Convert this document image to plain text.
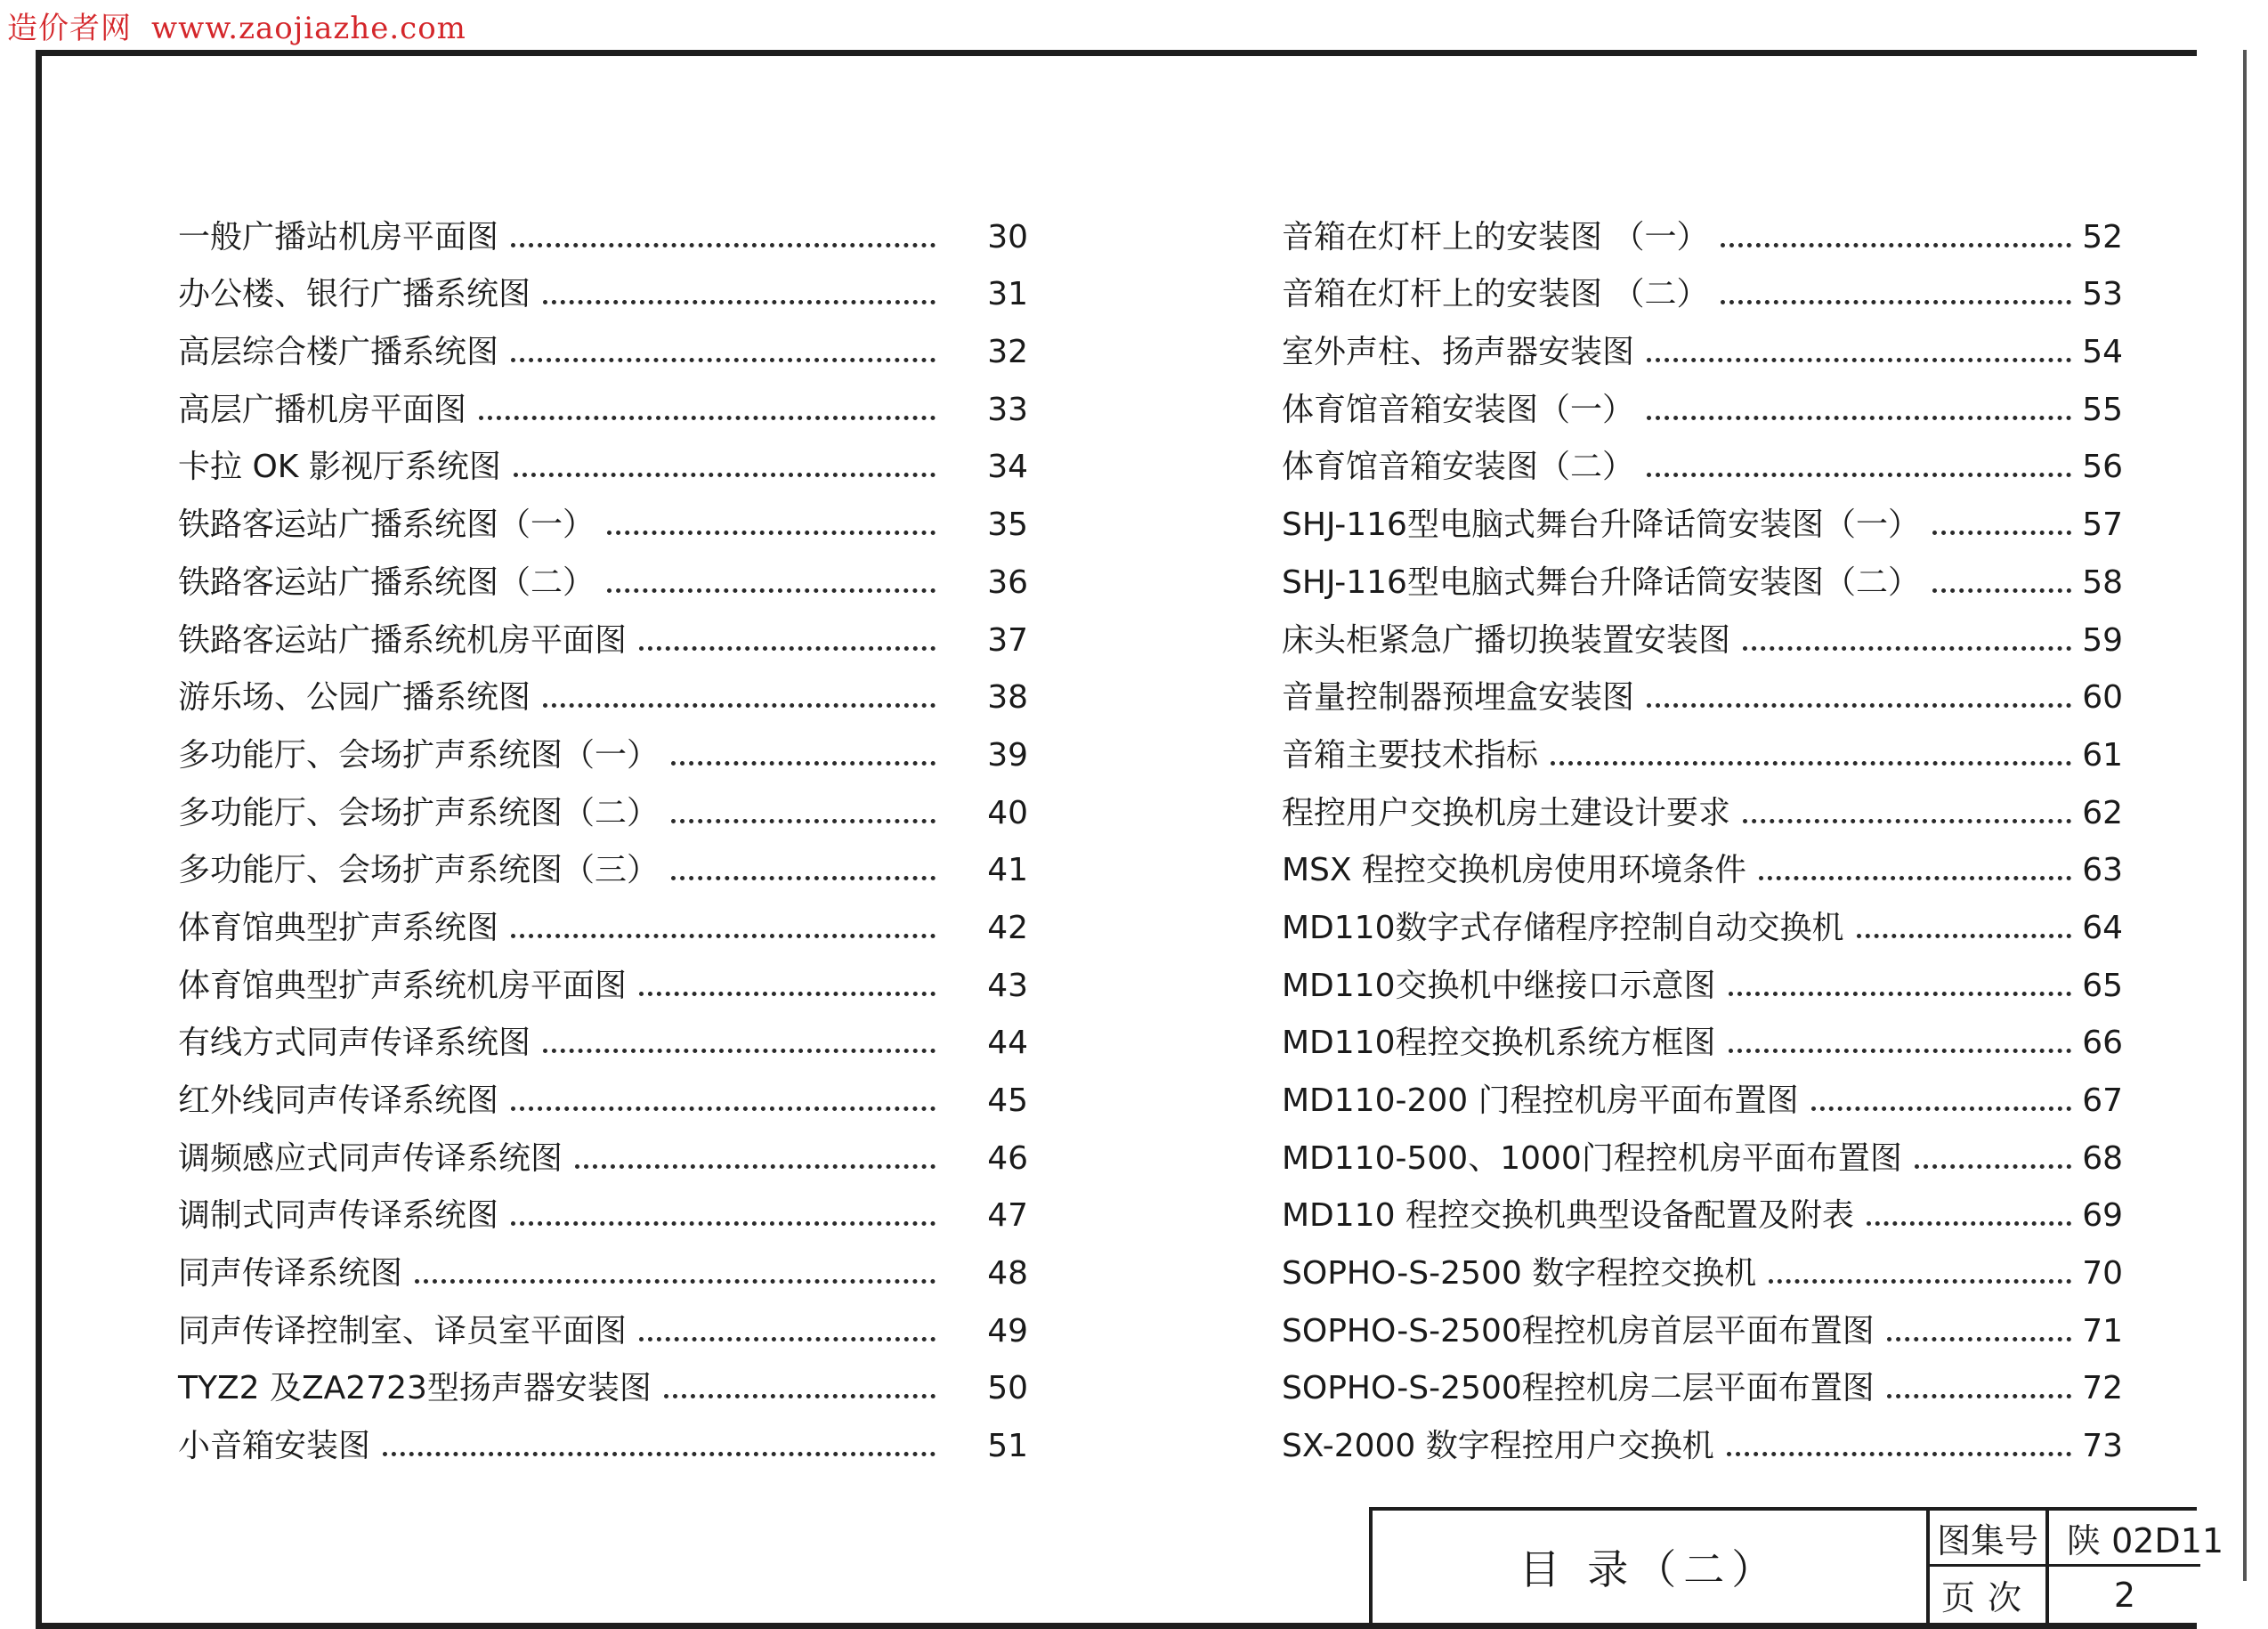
造价者网 www.zaojiazhe.com
一般广播站机房平面图	30
办公楼、银行广播系统图	31
高层综合楼广播系统图	32
高层广播机房平面图	33
卡拉 OK 影视厅系统图	34
铁路客运站广播系统图（一）	35
铁路客运站广播系统图（二）	36
铁路客运站广播系统机房平面图	37
游乐场、公园广播系统图	38
多功能厅、会场扩声系统图（一）	39
多功能厅、会场扩声系统图（二）	40
多功能厅、会场扩声系统图（三）	41
体育馆典型扩声系统图	42
体育馆典型扩声系统机房平面图	43
有线方式同声传译系统图	44
红外线同声传译系统图	45
调频感应式同声传译系统图	46
调制式同声传译系统图	47
同声传译系统图	48
同声传译控制室、译员室平面图	49
TYZ2 及ZA2723型扬声器安装图	50
小音箱安装图	51
音箱在灯杆上的安装图 （一）	52
音箱在灯杆上的安装图 （二）	53
室外声柱、扬声器安装图	54
体育馆音箱安装图（一）	55
体育馆音箱安装图（二）	56
SHJ-116型电脑式舞台升降话筒安装图（一）	57
SHJ-116型电脑式舞台升降话筒安装图（二）	58
床头柜紧急广播切换装置安装图	59
音量控制器预埋盒安装图	60
音箱主要技术指标	61
程控用户交换机房土建设计要求	62
MSX 程控交换机房使用环境条件	63
MD110数字式存储程序控制自动交换机	64
MD110交换机中继接口示意图	65
MD110程控交换机系统方框图	66
MD110-200 门程控机房平面布置图	67
MD110-500、1000门程控机房平面布置图	68
MD110 程控交换机典型设备配置及附表	69
SOPHO-S-2500 数字程控交换机	70
SOPHO-S-2500程控机房首层平面布置图	71
SOPHO-S-2500程控机房二层平面布置图	72
SX-2000 数字程控用户交换机	73
目 录（二）
图集号 陕 02D11
页次	2
